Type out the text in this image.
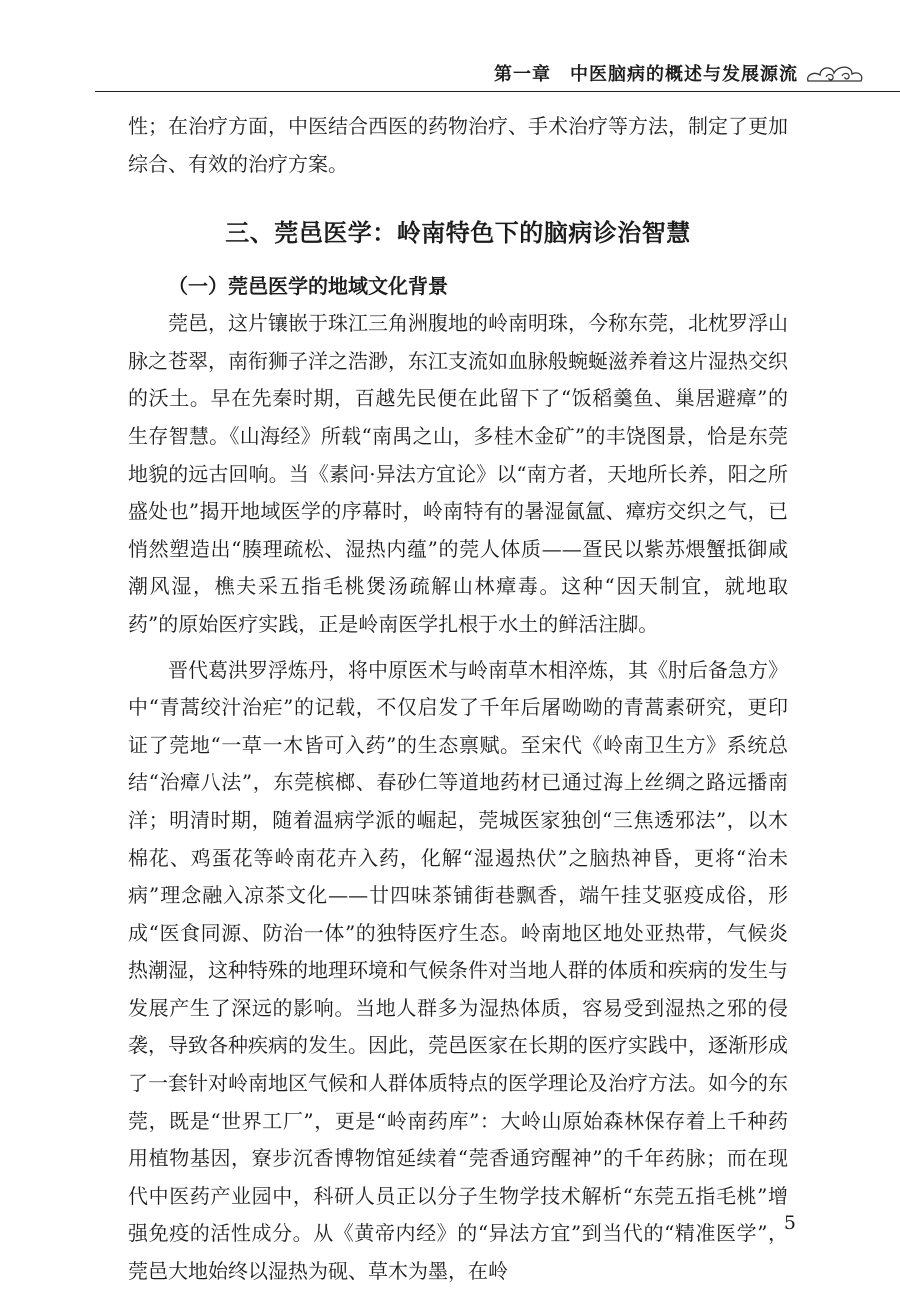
第一章　中医脑病的概述与发展源流

性；在治疗方面，中医结合西医的药物治疗、手术治疗等方法，制定了更加综合、有效的治疗方案。

三、莞邑医学：岭南特色下的脑病诊治智慧
（一）莞邑医学的地域文化背景

莞邑，这片镶嵌于珠江三角洲腹地的岭南明珠，今称东莞，北枕罗浮山脉之苍翠，南衔狮子洋之浩渺，东江支流如血脉般蜿蜒滋养着这片湿热交织的沃土。早在先秦时期，百越先民便在此留下了“饭稻羹鱼、巢居避瘴”的生存智慧。《山海经》所载“南禺之山，多桂木金矿”的丰饶图景，恰是东莞地貌的远古回响。当《素问·异法方宜论》以“南方者，天地所长养，阳之所盛处也”揭开地域医学的序幕时，岭南特有的暑湿氤氲、瘴疠交织之气，已悄然塑造出“腠理疏松、湿热内蕴”的莞人体质——疍民以紫苏煨蟹抵御咸潮风湿，樵夫采五指毛桃煲汤疏解山林瘴毒。这种“因天制宜，就地取药”的原始医疗实践，正是岭南医学扎根于水土的鲜活注脚。

晋代葛洪罗浮炼丹，将中原医术与岭南草木相淬炼，其《肘后备急方》中“青蒿绞汁治疟”的记载，不仅启发了千年后屠呦呦的青蒿素研究，更印证了莞地“一草一木皆可入药”的生态禀赋。至宋代《岭南卫生方》系统总结“治瘴八法”，东莞槟榔、春砂仁等道地药材已通过海上丝绸之路远播南洋；明清时期，随着温病学派的崛起，莞城医家独创“三焦透邪法”，以木棉花、鸡蛋花等岭南花卉入药，化解“湿遏热伏”之脑热神昏，更将“治未病”理念融入凉茶文化——廿四味茶铺街巷飘香，端午挂艾驱疫成俗，形成“医食同源、防治一体”的独特医疗生态。岭南地区地处亚热带，气候炎热潮湿，这种特殊的地理环境和气候条件对当地人群的体质和疾病的发生与发展产生了深远的影响。当地人群多为湿热体质，容易受到湿热之邪的侵袭，导致各种疾病的发生。因此，莞邑医家在长期的医疗实践中，逐渐形成了一套针对岭南地区气候和人群体质特点的医学理论及治疗方法。如今的东莞，既是“世界工厂”，更是“岭南药库”：大岭山原始森林保存着上千种药用植物基因，寮步沉香博物馆延续着“莞香通窍醒神”的千年药脉；而在现代中医药产业园中，科研人员正以分子生物学技术解析“东莞五指毛桃”增强免疫的活性成分。从《黄帝内经》的“异法方宜”到当代的“精准医学”，莞邑大地始终以湿热为砚、草木为墨，在岭

5
